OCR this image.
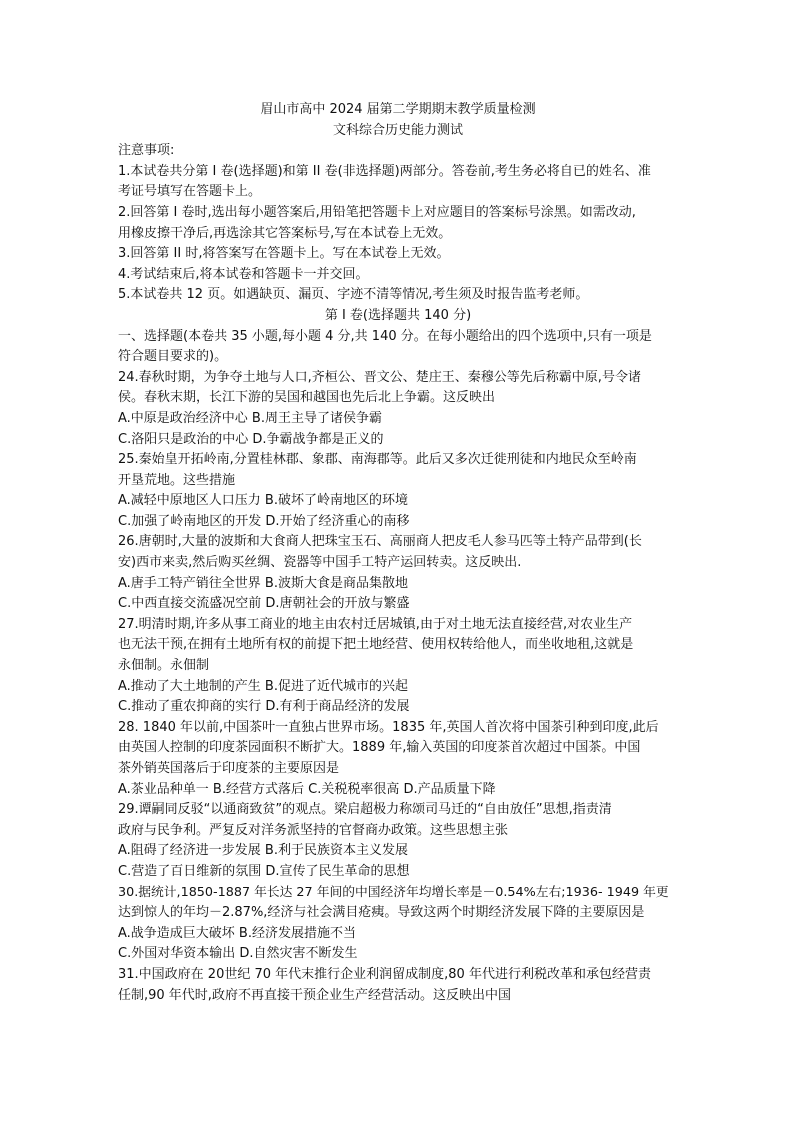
眉山市高中 2024 届第二学期期末教学质量检测
文科综合历史能力测试
注意事项:
1.本试卷共分第 I 卷(选择题)和第 II 卷(非选择题)两部分。答卷前,考生务必将自已的姓名、准
考证号填写在答题卡上。
2.回答第 I 卷时,选出每小题答案后,用铅笔把答题卡上对应题目的答案标号涂黑。如需改动,
用橡皮擦干净后,再选涂其它答案标号,写在本试卷上无效。
3.回答第 II 时,将答案写在答题卡上。写在本试卷上无效。
4.考试结束后,将本试卷和答题卡一并交回。
5.本试卷共 12 页。如遇缺页、漏页、字迹不清等情况,考生须及时报告监考老师。
第 I 卷(选择题共 140 分)
一、选择题(本卷共 35 小题,每小题 4 分,共 140 分。在每小题给出的四个选项中,只有一项是
符合题目要求的)。
24.春秋时期，为争夺土地与人口,齐桓公、晋文公、楚庄王、秦穆公等先后称霸中原,号令诸
侯。春秋末期，长江下游的吴国和越国也先后北上争霸。这反映出
A.中原是政治经济中心 B.周王主导了诸侯争霸
C.洛阳只是政治的中心 D.争霸战争都是正义的
25.秦始皇开拓岭南,分置桂林郡、象郡、南海郡等。此后又多次迁徙刑徒和内地民众至岭南
开垦荒地。这些措施
A.减轻中原地区人口压力 B.破坏了岭南地区的环境
C.加强了岭南地区的开发 D.开始了经济重心的南移
26.唐朝时,大量的波斯和大食商人把珠宝玉石、高丽商人把皮毛人参马匹等土特产品带到(长
安)西市来卖,然后购买丝绸、瓷器等中国手工特产运回转卖。这反映出.
A.唐手工特产销往全世界 B.波斯大食是商品集散地
C.中西直接交流盛况空前 D.唐朝社会的开放与繁盛
27.明清时期,许多从事工商业的地主由农村迁居城镇,由于对土地无法直接经营,对农业生产
也无法干预,在拥有土地所有权的前提下把土地经营、使用权转给他人，而坐收地租,这就是
永佃制。永佃制
A.推动了大土地制的产生 B.促进了近代城市的兴起
C.推动了重农抑商的实行 D.有利于商品经济的发展
28. 1840 年以前,中国茶叶一直独占世界市场。1835 年,英国人首次将中国茶引种到印度,此后
由英国人控制的印度茶园面积不断扩大。1889 年,输入英国的印度茶首次超过中国茶。中国
茶外销英国落后于印度茶的主要原因是
A.茶业品种单一 B.经营方式落后 C.关税税率很高 D.产品质量下降
29.谭嗣同反驳“以通商致贫”的观点。梁启超极力称颂司马迁的“自由放任”思想,指责清
政府与民争利。严复反对洋务派坚持的官督商办政策。这些思想主张
A.阻碍了经济进一步发展 B.利于民族资本主义发展
C.营造了百日维新的氛围 D.宣传了民生革命的思想
30.据统计,1850-1887 年长达 27 年间的中国经济年均增长率是－0.54%左右;1936- 1949 年更
达到惊人的年均－2.87%,经济与社会满目疮痍。导致这两个时期经济发展下降的主要原因是
A.战争造成巨大破坏 B.经济发展措施不当
C.外国对华资本输出 D.自然灾害不断发生
31.中国政府在 20世纪 70 年代末推行企业利润留成制度,80 年代进行利税改革和承包经营责
任制,90 年代时,政府不再直接干预企业生产经营活动。这反映出中国
